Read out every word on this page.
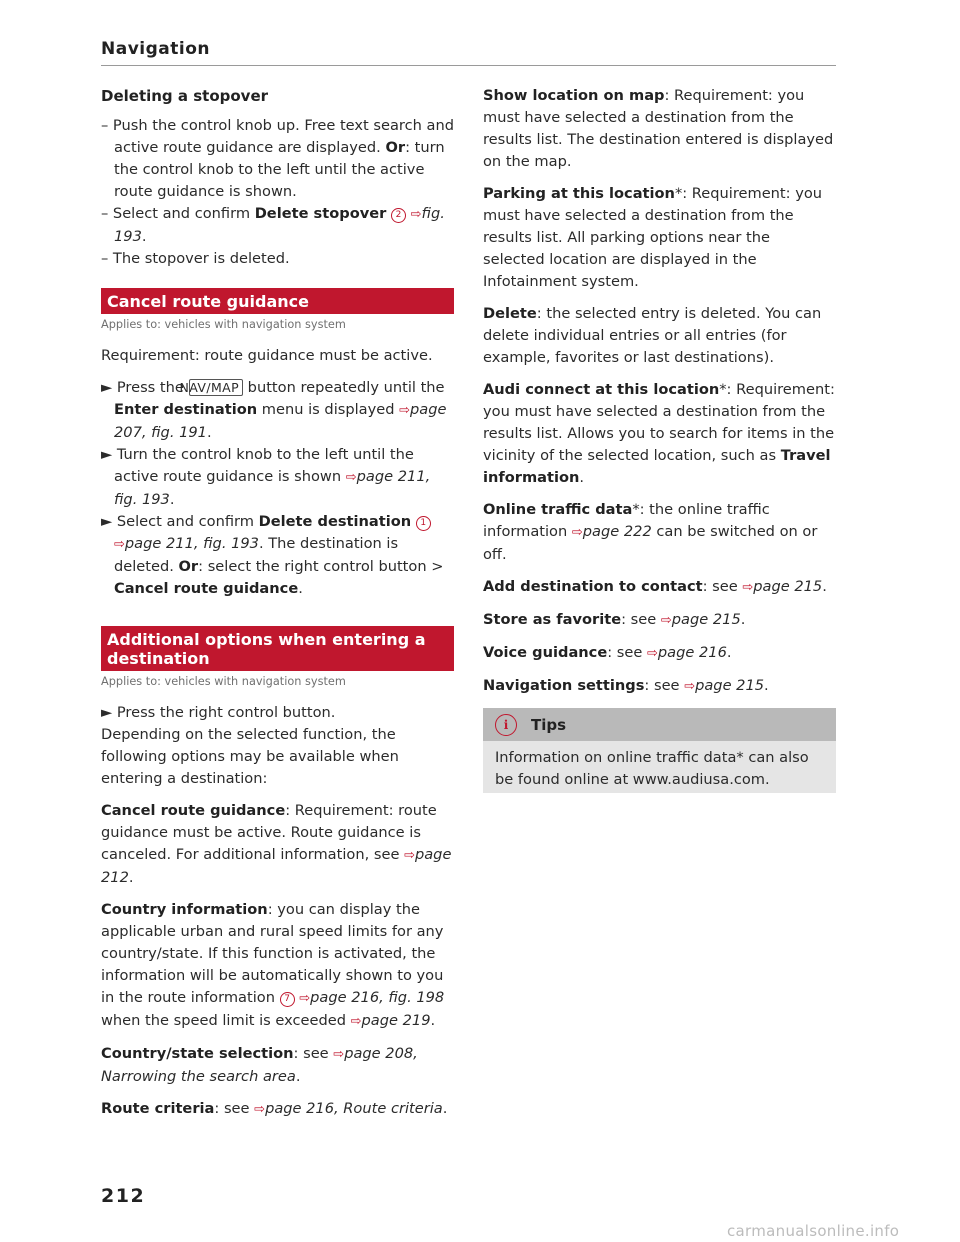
Navigation
Deleting a stopover

– Push the control knob up. Free text search and active route guidance are displayed. Or: turn the control knob to the left until the active route guidance is shown.

– Select and confirm Delete stopover 2 ⇨fig. 193.

– The stopover is deleted.

Cancel route guidance
Applies to: vehicles with navigation system

Requirement: route guidance must be active.

► Press the NAV/MAP button repeatedly until the Enter destination menu is displayed ⇨page 207, fig. 191.

► Turn the control knob to the left until the active route guidance is shown ⇨page 211, fig. 193.

► Select and confirm Delete destination 1 ⇨page 211, fig. 193. The destination is deleted. Or: select the right control button > Cancel route guidance.

Additional options when entering a destination
Applies to: vehicles with navigation system

► Press the right control button.

Depending on the selected function, the following options may be available when entering a destination:

Cancel route guidance: Requirement: route guidance must be active. Route guidance is canceled. For additional information, see ⇨page 212.

Country information: you can display the applicable urban and rural speed limits for any country/state. If this function is activated, the information will be automatically shown to you in the route information 7 ⇨page 216, fig. 198 when the speed limit is exceeded ⇨page 219.

Country/state selection: see ⇨page 208, Narrowing the search area.

Route criteria: see ⇨page 216, Route criteria.

Show location on map: Requirement: you must have selected a destination from the results list. The destination entered is displayed on the map.

Parking at this location*: Requirement: you must have selected a destination from the results list. All parking options near the selected location are displayed in the Infotainment system.

Delete: the selected entry is deleted. You can delete individual entries or all entries (for example, favorites or last destinations).

Audi connect at this location*: Requirement: you must have selected a destination from the results list. Allows you to search for items in the vicinity of the selected location, such as Travel information.

Online traffic data*: the online traffic information ⇨page 222 can be switched on or off.

Add destination to contact: see ⇨page 215.

Store as favorite: see ⇨page 215.

Voice guidance: see ⇨page 216.

Navigation settings: see ⇨page 215.

i	Tips
Information on online traffic data* can also be found online at www.audiusa.com.
212
carmanualsonline.info
